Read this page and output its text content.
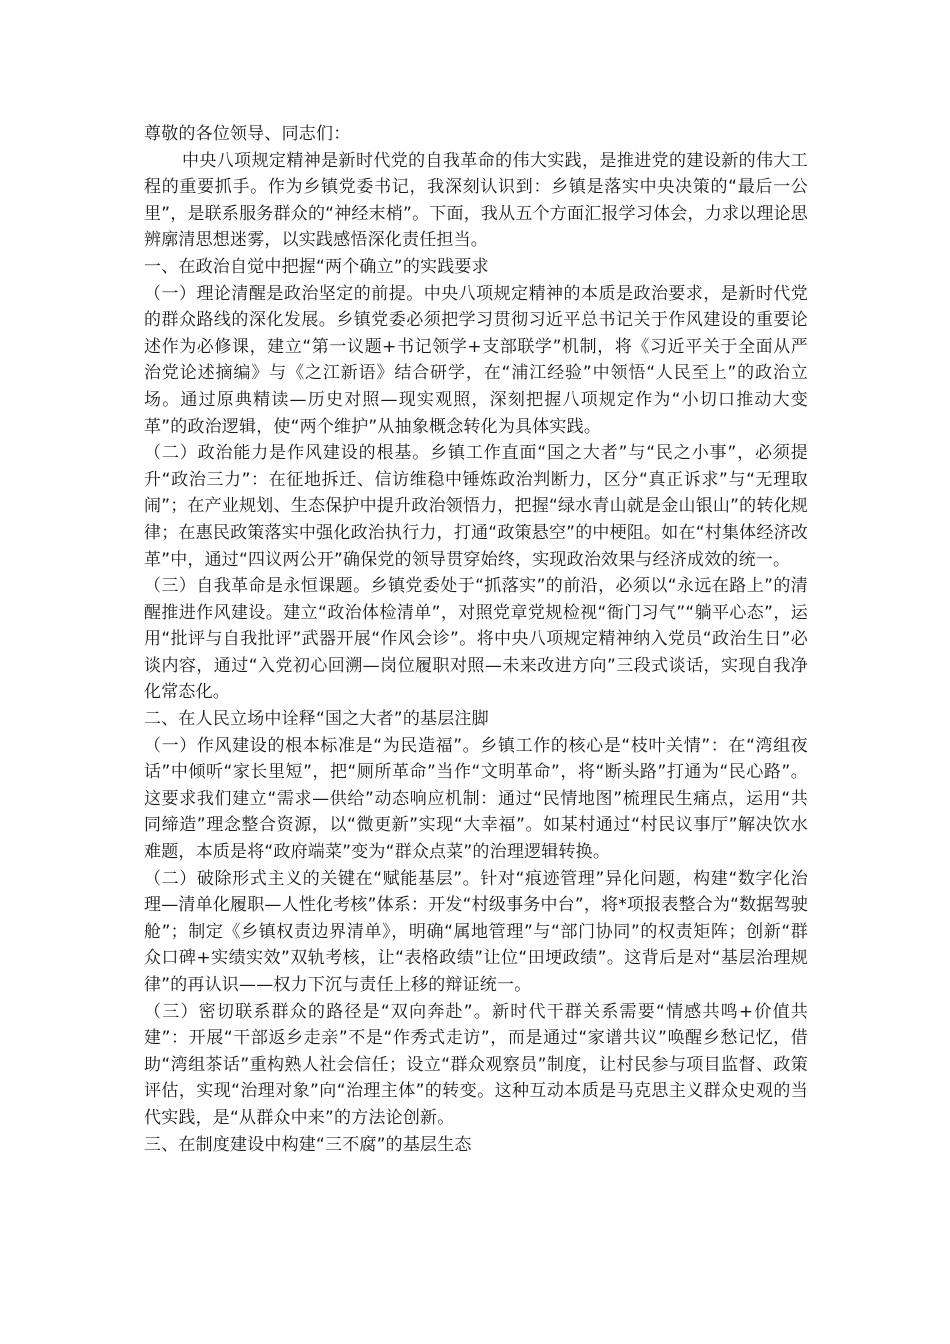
尊敬的各位领导、同志们：

中央八项规定精神是新时代党的自我革命的伟大实践，是推进党的建设新的伟大工程的重要抓手。作为乡镇党委书记，我深刻认识到：乡镇是落实中央决策的“最后一公里”，是联系服务群众的“神经末梢”。下面，我从五个方面汇报学习体会，力求以理论思辨廓清思想迷雾，以实践感悟深化责任担当。

一、在政治自觉中把握“两个确立”的实践要求

（一）理论清醒是政治坚定的前提。中央八项规定精神的本质是政治要求，是新时代党的群众路线的深化发展。乡镇党委必须把学习贯彻习近平总书记关于作风建设的重要论述作为必修课，建立“第一议题+书记领学+支部联学”机制，将《习近平关于全面从严治党论述摘编》与《之江新语》结合研学，在“浦江经验”中领悟“人民至上”的政治立场。通过原典精读—历史对照—现实观照，深刻把握八项规定作为“小切口推动大变革”的政治逻辑，使“两个维护”从抽象概念转化为具体实践。

（二）政治能力是作风建设的根基。乡镇工作直面“国之大者”与“民之小事”，必须提升“政治三力”：在征地拆迁、信访维稳中锤炼政治判断力，区分“真正诉求”与“无理取闹”；在产业规划、生态保护中提升政治领悟力，把握“绿水青山就是金山银山”的转化规律；在惠民政策落实中强化政治执行力，打通“政策悬空”的中梗阻。如在“村集体经济改革”中，通过“四议两公开”确保党的领导贯穿始终，实现政治效果与经济成效的统一。

（三）自我革命是永恒课题。乡镇党委处于“抓落实”的前沿，必须以“永远在路上”的清醒推进作风建设。建立“政治体检清单”，对照党章党规检视“衙门习气”“躺平心态”，运用“批评与自我批评”武器开展“作风会诊”。将中央八项规定精神纳入党员“政治生日”必谈内容，通过“入党初心回溯—岗位履职对照—未来改进方向”三段式谈话，实现自我净化常态化。

二、在人民立场中诠释“国之大者”的基层注脚

（一）作风建设的根本标准是“为民造福”。乡镇工作的核心是“枝叶关情”：在“湾组夜话”中倾听“家长里短”，把“厕所革命”当作“文明革命”，将“断头路”打通为“民心路”。这要求我们建立“需求—供给”动态响应机制：通过“民情地图”梳理民生痛点，运用“共同缔造”理念整合资源，以“微更新”实现“大幸福”。如某村通过“村民议事厅”解决饮水难题，本质是将“政府端菜”变为“群众点菜”的治理逻辑转换。

（二）破除形式主义的关键在“赋能基层”。针对“痕迹管理”异化问题，构建“数字化治理—清单化履职—人性化考核”体系：开发“村级事务中台”，将*项报表整合为“数据驾驶舱”；制定《乡镇权责边界清单》，明确“属地管理”与“部门协同”的权责矩阵；创新“群众口碑+实绩实效”双轨考核，让“表格政绩”让位“田埂政绩”。这背后是对“基层治理规律”的再认识——权力下沉与责任上移的辩证统一。

（三）密切联系群众的路径是“双向奔赴”。新时代干群关系需要“情感共鸣+价值共建”：开展“干部返乡走亲”不是“作秀式走访”，而是通过“家谱共议”唤醒乡愁记忆，借助“湾组茶话”重构熟人社会信任；设立“群众观察员”制度，让村民参与项目监督、政策评估，实现“治理对象”向“治理主体”的转变。这种互动本质是马克思主义群众史观的当代实践，是“从群众中来”的方法论创新。

三、在制度建设中构建“三不腐”的基层生态
